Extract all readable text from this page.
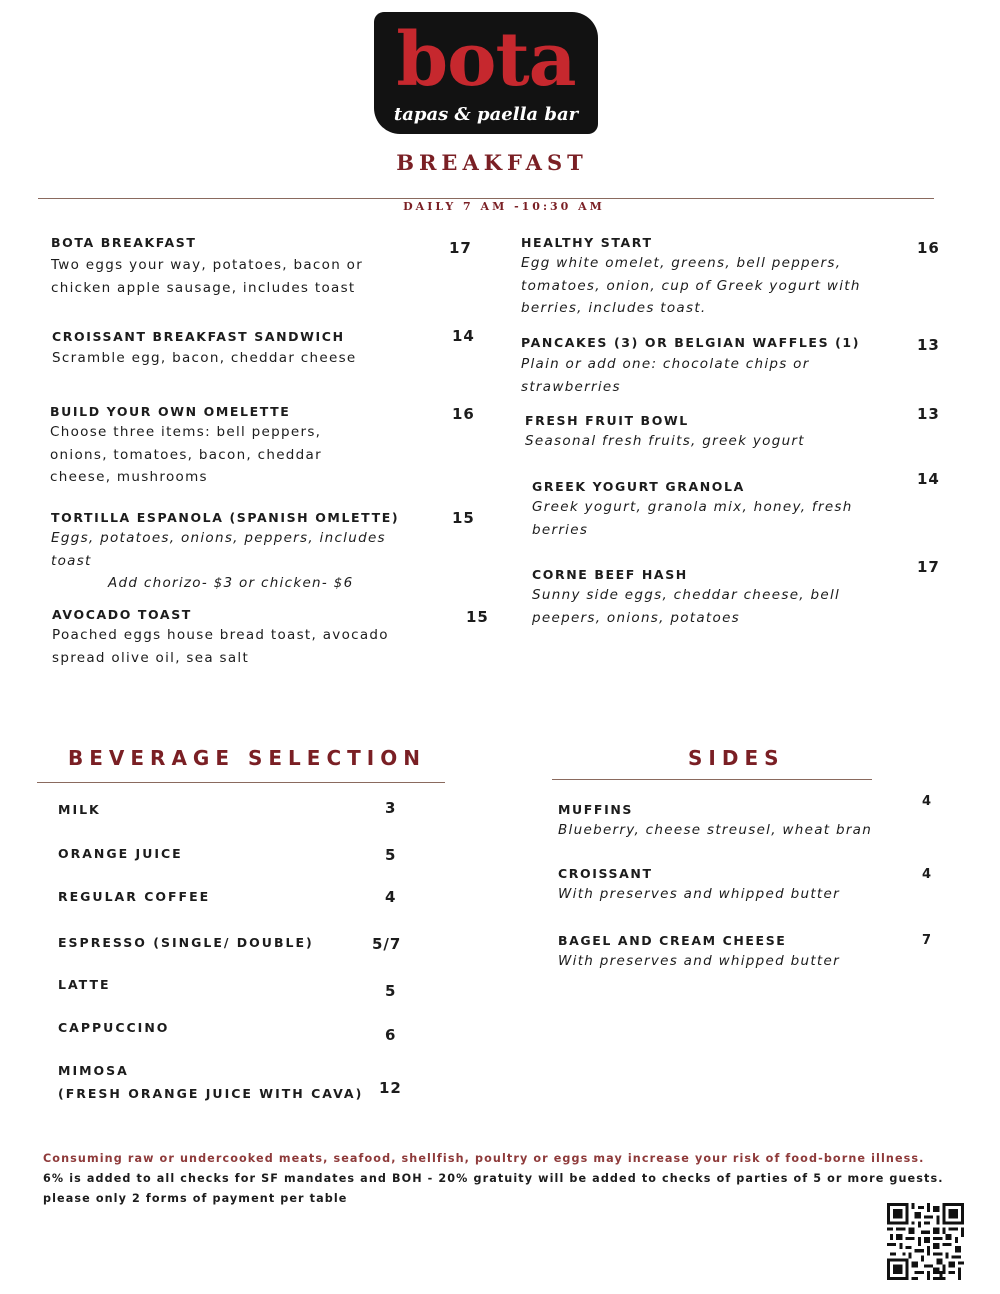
bota
tapas & paella bar
BREAKFAST
DAILY 7 AM -10:30 AM
BOTA BREAKFAST
Two eggs your way, potatoes, bacon or
chicken apple sausage, includes toast
17
CROISSANT BREAKFAST SANDWICH
Scramble egg, bacon, cheddar cheese
14
BUILD YOUR OWN OMELETTE
Choose three items: bell peppers,
onions, tomatoes, bacon, cheddar
cheese, mushrooms
16
TORTILLA ESPANOLA (SPANISH OMLETTE)
Eggs, potatoes, onions, peppers, includes
toast
Add chorizo- $3 or chicken- $6
15
AVOCADO TOAST
Poached eggs house bread toast, avocado
spread olive oil, sea salt
15
HEALTHY START
Egg white omelet, greens, bell peppers,
tomatoes, onion, cup of Greek yogurt with
berries, includes toast.
16
PANCAKES (3) OR BELGIAN WAFFLES (1)
Plain or add one: chocolate chips or
strawberries
13
FRESH FRUIT BOWL
Seasonal fresh fruits, greek yogurt
13
GREEK YOGURT GRANOLA
Greek yogurt, granola mix, honey, fresh
berries
14
CORNE BEEF HASH
Sunny side eggs, cheddar cheese, bell
peepers, onions, potatoes
17
BEVERAGE SELECTION
MILK	3
ORANGE JUICE	5
REGULAR COFFEE	4
ESPRESSO (SINGLE/ DOUBLE)	5/7
LATTE	5
CAPPUCCINO	6
MIMOSA
(FRESH ORANGE JUICE WITH CAVA) 12
SIDES
MUFFINS
Blueberry, cheese streusel, wheat bran
4
CROISSANT
With preserves and whipped butter
4
BAGEL AND CREAM CHEESE
With preserves and whipped butter
7
Consuming raw or undercooked meats, seafood, shellfish, poultry or eggs may increase your risk of food-borne illness.
6% is added to all checks for SF mandates and BOH - 20% gratuity will be added to checks of parties of 5 or more guests.
please only 2 forms of payment per table
